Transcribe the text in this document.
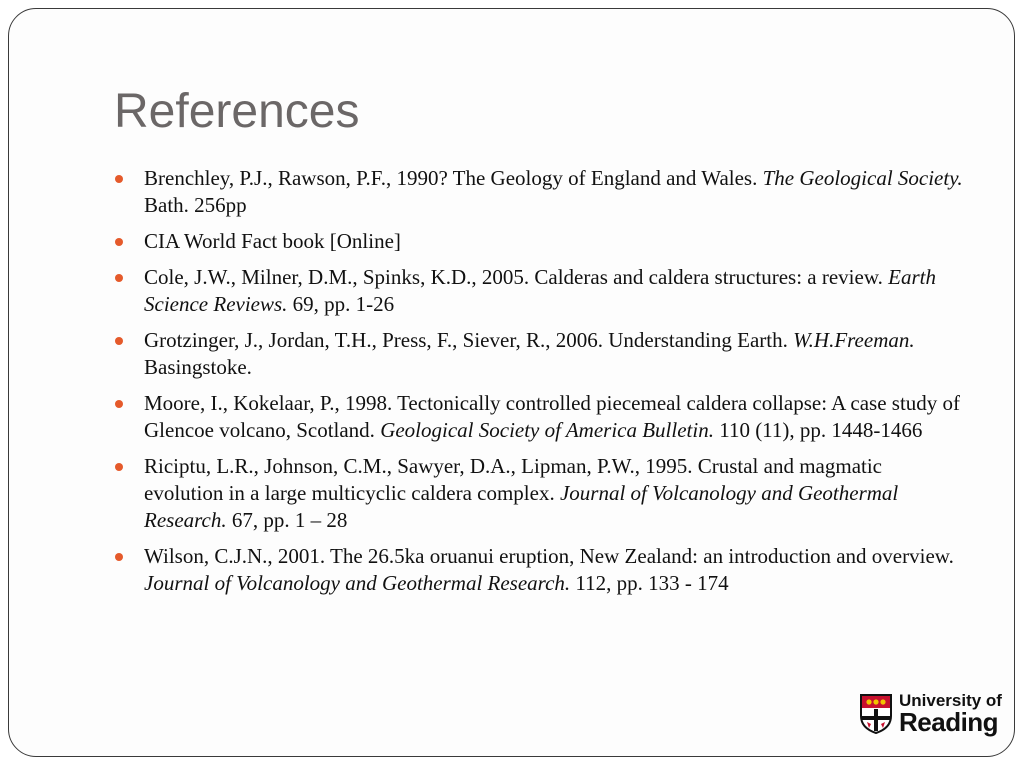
References
Brenchley, P.J., Rawson, P.F., 1990? The Geology of England and Wales. The Geological Society. Bath. 256pp
CIA World Fact book [Online]
Cole, J.W., Milner, D.M., Spinks, K.D., 2005. Calderas and caldera structures: a review. Earth Science Reviews. 69, pp. 1-26
Grotzinger, J., Jordan, T.H., Press, F., Siever, R., 2006. Understanding Earth. W.H.Freeman. Basingstoke.
Moore, I., Kokelaar, P., 1998. Tectonically controlled piecemeal caldera collapse: A case study of Glencoe volcano, Scotland. Geological Society of America Bulletin. 110 (11), pp. 1448-1466
Riciptu, L.R., Johnson, C.M., Sawyer, D.A., Lipman, P.W., 1995. Crustal and magmatic evolution in a large multicyclic caldera complex. Journal of Volcanology and Geothermal Research. 67, pp. 1 – 28
Wilson, C.J.N., 2001. The 26.5ka oruanui eruption, New Zealand: an introduction and overview. Journal of Volcanology and Geothermal Research. 112, pp. 133 - 174
University of
Reading
